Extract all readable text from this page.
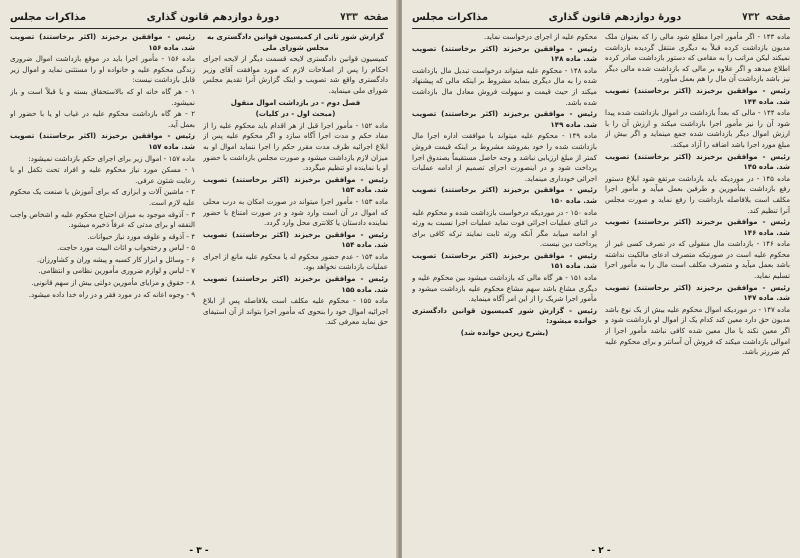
صفحه ۷۳۳
دورهٔ دوازدهم قانون گذاری
مذاکرات مجلس

گزارش شور ثانی از کمیسیون قوانین دادگستری به مجلس شورای ملی

کمیسیون قوانین دادگستری لایحه قسمت دیگر از لایحه اجرای احکام را پس از اصلاحات لازم که مورد موافقت آقای وزیر دادگستری واقع شد تصویب و اینک گزارش آنرا تقدیم مجلس شورای ملی مینماید.

فصل دوم - در بازداشت اموال منقول

(مبحث اول - در کلیات)

ماده ۱۵۲ - مأمور اجرا قبل از هر اقدام باید محکوم علیه را از مفاد حکم و مدت اجرا آگاه سازد و اگر محکوم علیه پس از ابلاغ اجرائیه ظرف مدت مقرر حکم را اجرا ننماید اموال او به میزان لازم بازداشت میشود و صورت مجلس بازداشت با حضور او یا نماینده او تنظیم میگردد.

رئیس - موافقین برخیزند (اکثر برخاستند) تصویب شد. ماده ۱۵۳

ماده ۱۵۳ - مأمور اجرا میتواند در صورت امکان به درب محلی که اموال در آن است وارد شود و در صورت امتناع با حضور نماینده دادستان یا کلانتری محل وارد گردد.

رئیس - موافقین برخیزند (اکثر برخاستند) تصویب شد. ماده ۱۵۴

ماده ۱۵۴ - عدم حضور محکوم له یا محکوم علیه مانع از اجرای عملیات بازداشت نخواهد بود.

رئیس - موافقین برخیزند (اکثر برخاستند) تصویب شد. ماده ۱۵۵

ماده ۱۵۵ - محکوم علیه مکلف است بلافاصله پس از ابلاغ اجرائیه اموال خود را بنحوی که مأمور اجرا بتواند از آن استیفای حق نماید معرفی کند.

رئیس - موافقین برخیزند (اکثر برخاستند) تصویب شد. ماده ۱۵۶

ماده ۱۵۶ - مأمور اجرا باید در موقع بازداشت اموال ضروری زندگی محکوم علیه و خانواده او را مستثنی نماید و اموال زیر قابل بازداشت نیست:

۱ - هر گاه خانه او که بالاستحقاق بسته و یا قبلاً است و باز نمیشود.

۲ - هر گاه بازداشت محکوم علیه در غیاب او یا با حضور او بعمل آید.

رئیس - موافقین برخیزند (اکثر برخاستند) تصویب شد. ماده ۱۵۷

ماده ۱۵۷ - اموال زیر برای اجرای حکم بازداشت نمیشود:

۱ - مسکن مورد نیاز محکوم علیه و افراد تحت تکفل او با رعایت شئون عرفی.

۲ - ماشین آلات و ابزاری که برای آموزش یا صنعت یک محکوم علیه لازم است.

۳ - آذوقه موجود به میزان احتیاج محکوم علیه و اشخاص واجب النفقه او برای مدتی که عرفاً ذخیره میشود.

۴ - آذوقه و علوفه مورد نیاز حیوانات.

۵ - لباس و رختخواب و اثاث البیت مورد حاجت.

۶ - وسائل و ابزار کار کسبه و پیشه وران و کشاورزان.

۷ - لباس و لوازم ضروری مأمورین نظامی و انتظامی.

۸ - حقوق و مزایای مأمورین دولتی بیش از سهم قانونی.

۹ - وجوه اعانه که در مورد فقر و در راه خدا داده میشود.

- ۳ -
صفحه ۷۳۲
دورهٔ دوازدهم قانون گذاری
مذاکرات مجلس

ماده ۱۴۳ - اگر مأمور اجرا مطلع شود مالی را که بعنوان ملک مدیون بازداشت کرده قبلاً به دیگری منتقل گردیده بازداشت نمیکند لیکن مراتب را به مقامی که دستور بازداشت صادر کرده اطلاع میدهد و اگر علاوه بر مالی که بازداشت شده مالی دیگر نیز باشد بازداشت آن مال را هم بعمل میآورد.

رئیس - موافقین برخیزند (اکثر برخاستند) تصویب شد. ماده ۱۴۴

ماده ۱۴۴ - مالی که بعداً بازداشت در اموال بازداشت شده پیدا شود آن را نیز مأمور اجرا بازداشت میکند و ارزش آن را با ارزش اموال دیگر بازداشت شده جمع مینماید و اگر بیش از مبلغ مورد اجرا باشد اضافه را آزاد میکند.

رئیس - موافقین برخیزند (اکثر برخاستند) تصویب شد. ماده ۱۴۵

ماده ۱۴۵ - در موردیکه باید بازداشت مرتفع شود ابلاغ دستور رفع بازداشت بمأمورین و طرفین بعمل میآید و مأمور اجرا مکلف است بلافاصله بازداشت را رفع نماید و صورت مجلس آنرا تنظیم کند.

رئیس - موافقین برخیزند (اکثر برخاستند) تصویب شد. ماده ۱۴۶

ماده ۱۴۶ - بازداشت مال منقولی که در تصرف کسی غیر از محکوم علیه است در صورتیکه متصرف ادعای مالکیت نداشته باشد بعمل میآید و متصرف مکلف است مال را به مأمور اجرا تسلیم نماید.

رئیس - موافقین برخیزند (اکثر برخاستند) تصویب شد. ماده ۱۴۷

ماده ۱۴۷ - در موردیکه اموال محکوم علیه بیش از یک نوع باشد مدیون حق دارد معین کند کدام یک از اموال او بازداشت شود و اگر معین نکند یا مال معین شده کافی نباشد مأمور اجرا از اموالی بازداشت میکند که فروش آن آسانتر و برای محکوم علیه کم ضررتر باشد.

محکوم علیه از اجرای درخواست نماید.

رئیس - موافقین برخیزند (اکثر برخاستند) تصویب شد. ماده ۱۴۸

ماده ۱۴۸ - محکوم علیه میتواند درخواست تبدیل مال بازداشت شده را به مال دیگری بنماید مشروط بر اینکه مالی که پیشنهاد میکند از حیث قیمت و سهولت فروش معادل مال بازداشت شده باشد.

رئیس - موافقین برخیزند (اکثر برخاستند) تصویب شد. ماده ۱۴۹

ماده ۱۴۹ - محکوم علیه میتواند با موافقت اداره اجرا مال بازداشت شده را خود بفروشد مشروط بر اینکه قیمت فروش کمتر از مبلغ ارزیابی نباشد و وجه حاصل مستقیماً بصندوق اجرا پرداخت شود و در اینصورت اجرای تصمیم از ادامه عملیات اجرائی خودداری مینماید.

رئیس - موافقین برخیزند (اکثر برخاستند) تصویب شد. ماده ۱۵۰

ماده ۱۵۰ - در موردیکه درخواست بازداشت شده و محکوم علیه در اثنای عملیات اجرائی فوت نماید عملیات اجرا نسبت به ورثه او ادامه مییابد مگر آنکه ورثه ثابت نمایند ترکه کافی برای پرداخت دین نیست.

رئیس - موافقین برخیزند (اکثر برخاستند) تصویب شد. ماده ۱۵۱

ماده ۱۵۱ - هر گاه مالی که بازداشت میشود بین محکوم علیه و دیگری مشاع باشد سهم مشاع محکوم علیه بازداشت میشود و مأمور اجرا شریک را از این امر آگاه مینماید.

رئیس - گزارش شور کمیسیون قوانین دادگستری خوانده میشود:

(بشرح زیرین خوانده شد)

- ۲ -
